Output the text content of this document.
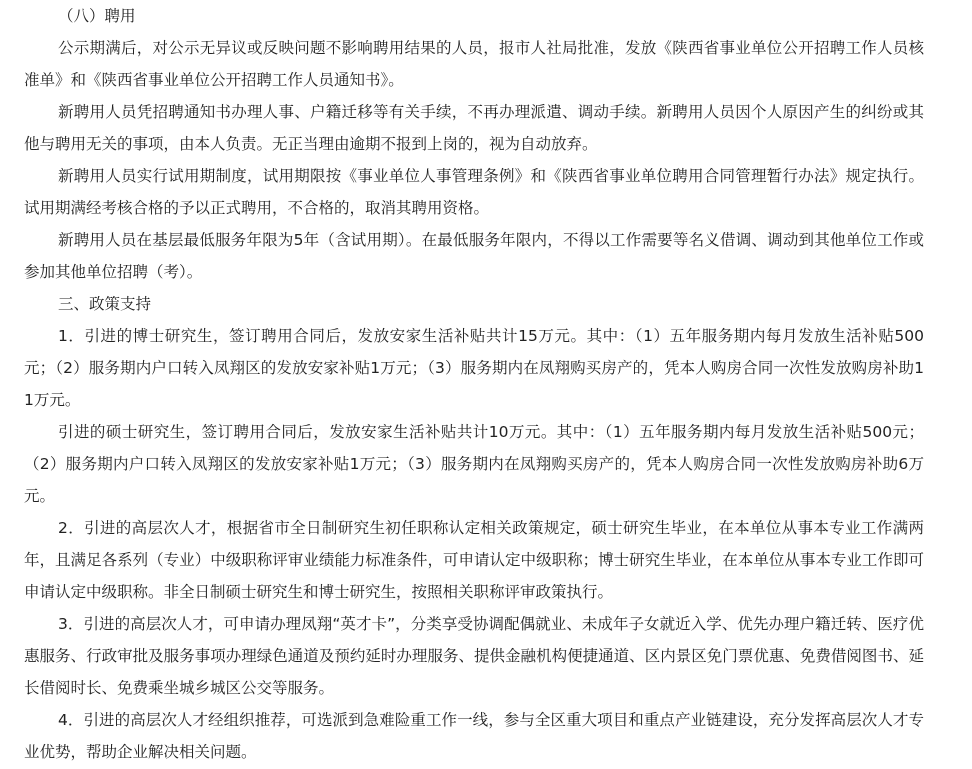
（八）聘用

公示期满后，对公示无异议或反映问题不影响聘用结果的人员，报市人社局批准，发放《陕西省事业单位公开招聘工作人员核准单》和《陕西省事业单位公开招聘工作人员通知书》。

新聘用人员凭招聘通知书办理人事、户籍迁移等有关手续，不再办理派遣、调动手续。新聘用人员因个人原因产生的纠纷或其他与聘用无关的事项，由本人负责。无正当理由逾期不报到上岗的，视为自动放弃。

新聘用人员实行试用期制度，试用期限按《事业单位人事管理条例》和《陕西省事业单位聘用合同管理暂行办法》规定执行。试用期满经考核合格的予以正式聘用，不合格的，取消其聘用资格。

新聘用人员在基层最低服务年限为5年（含试用期）。在最低服务年限内，不得以工作需要等名义借调、调动到其他单位工作或参加其他单位招聘（考）。

三、政策支持

1．引进的博士研究生，签订聘用合同后，发放安家生活补贴共计15万元。其中：（1）五年服务期内每月发放生活补贴500元；（2）服务期内户口转入凤翔区的发放安家补贴1万元；（3）服务期内在凤翔购买房产的，凭本人购房合同一次性发放购房补助11万元。

引进的硕士研究生，签订聘用合同后，发放安家生活补贴共计10万元。其中：（1）五年服务期内每月发放生活补贴500元；（2）服务期内户口转入凤翔区的发放安家补贴1万元；（3）服务期内在凤翔购买房产的，凭本人购房合同一次性发放购房补助6万元。

2．引进的高层次人才，根据省市全日制研究生初任职称认定相关政策规定，硕士研究生毕业，在本单位从事本专业工作满两年，且满足各系列（专业）中级职称评审业绩能力标准条件，可申请认定中级职称；博士研究生毕业，在本单位从事本专业工作即可申请认定中级职称。非全日制硕士研究生和博士研究生，按照相关职称评审政策执行。

3．引进的高层次人才，可申请办理凤翔“英才卡”，分类享受协调配偶就业、未成年子女就近入学、优先办理户籍迁转、医疗优惠服务、行政审批及服务事项办理绿色通道及预约延时办理服务、提供金融机构便捷通道、区内景区免门票优惠、免费借阅图书、延长借阅时长、免费乘坐城乡城区公交等服务。

4．引进的高层次人才经组织推荐，可选派到急难险重工作一线，参与全区重大项目和重点产业链建设，充分发挥高层次人才专业优势，帮助企业解决相关问题。
